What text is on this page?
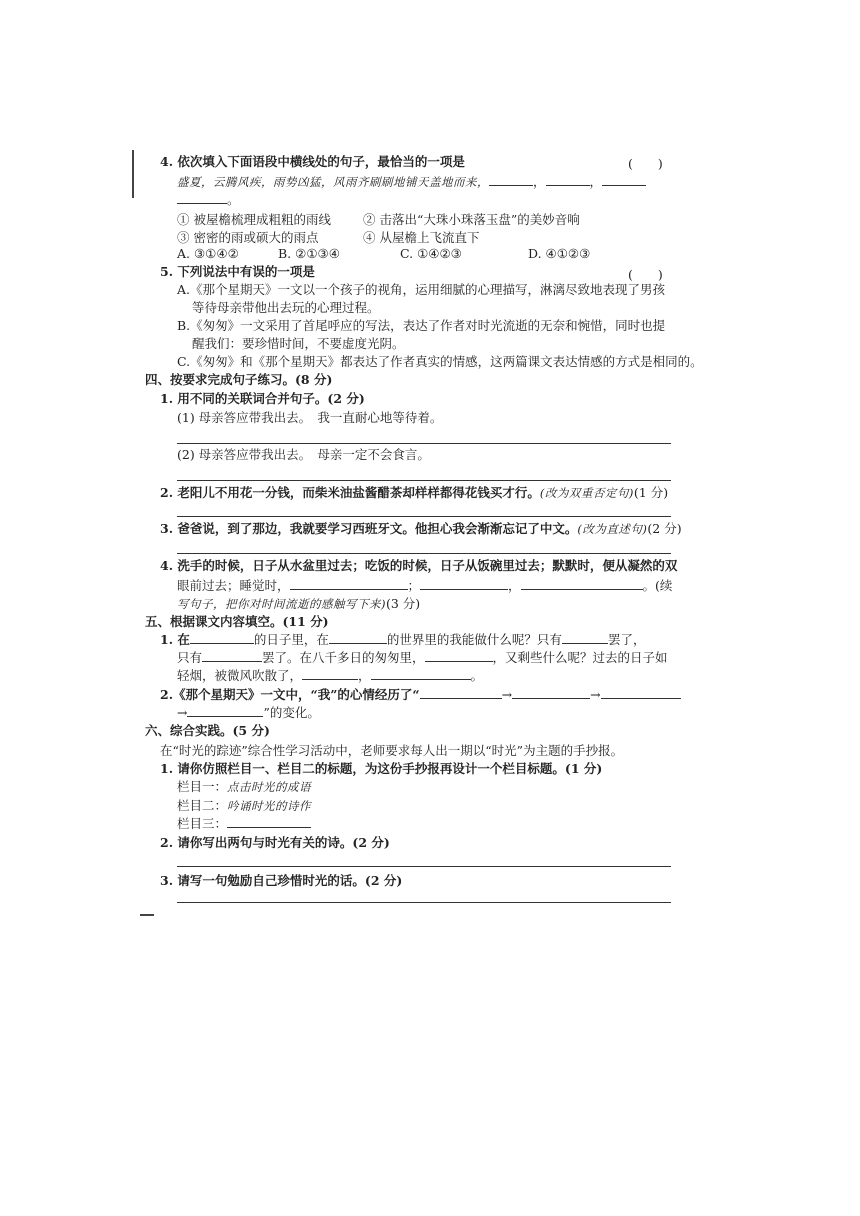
4. 依次填入下面语段中横线处的句子，最恰当的一项是	(　　)
盛夏，云腾风疾，雨势凶猛，风雨齐刷刷地铺天盖地而来，	，	，
。
① 被屋檐梳理成粗粗的雨线	② 击落出“大珠小珠落玉盘”的美妙音响
③ 密密的雨或硕大的雨点	④ 从屋檐上飞流直下
A. ③①④②	B. ②①③④	C. ①④②③	D. ④①②③
5. 下列说法中有误的一项是	(　　)
A.《那个星期天》一文以一个孩子的视角，运用细腻的心理描写，淋漓尽致地表现了男孩
等待母亲带他出去玩的心理过程。
B.《匆匆》一文采用了首尾呼应的写法，表达了作者对时光流逝的无奈和惋惜，同时也提
醒我们：要珍惜时间，不要虚度光阴。
C.《匆匆》和《那个星期天》都表达了作者真实的情感，这两篇课文表达情感的方式是相同的。
四、按要求完成句子练习。(8 分)
1. 用不同的关联词合并句子。(2 分)
(1) 母亲答应带我出去。　我一直耐心地等待着。
(2) 母亲答应带我出去。　母亲一定不会食言。
2. 老阳儿不用花一分钱，而柴米油盐酱醋茶却样样都得花钱买才行。(改为双重否定句)(1 分)
3. 爸爸说，到了那边，我就要学习西班牙文。他担心我会渐渐忘记了中文。(改为直述句)(2 分)
4. 洗手的时候，日子从水盆里过去；吃饭的时候，日子从饭碗里过去；默默时，便从凝然的双
眼前过去；睡觉时，	；	，	。(续
写句子，把你对时间流逝的感触写下来)(3 分)
五、根据课文内容填空。(11 分)
1. 在	的日子里，在	的世界里的我能做什么呢？只有	罢了，
只有	罢了。在八千多日的匆匆里，	，又剩些什么呢？过去的日子如
轻烟，被微风吹散了，	，	。
2.《那个星期天》一文中，“我”的心情经历了“	→	→
→	”的变化。
六、综合实践。(5 分)
在“时光的踪迹”综合性学习活动中，老师要求每人出一期以“时光”为主题的手抄报。
1. 请你仿照栏目一、栏目二的标题，为这份手抄报再设计一个栏目标题。(1 分)
栏目一：点击时光的成语
栏目二：吟诵时光的诗作
栏目三：
2. 请你写出两句与时光有关的诗。(2 分)
3. 请写一句勉励自己珍惜时光的话。(2 分)
